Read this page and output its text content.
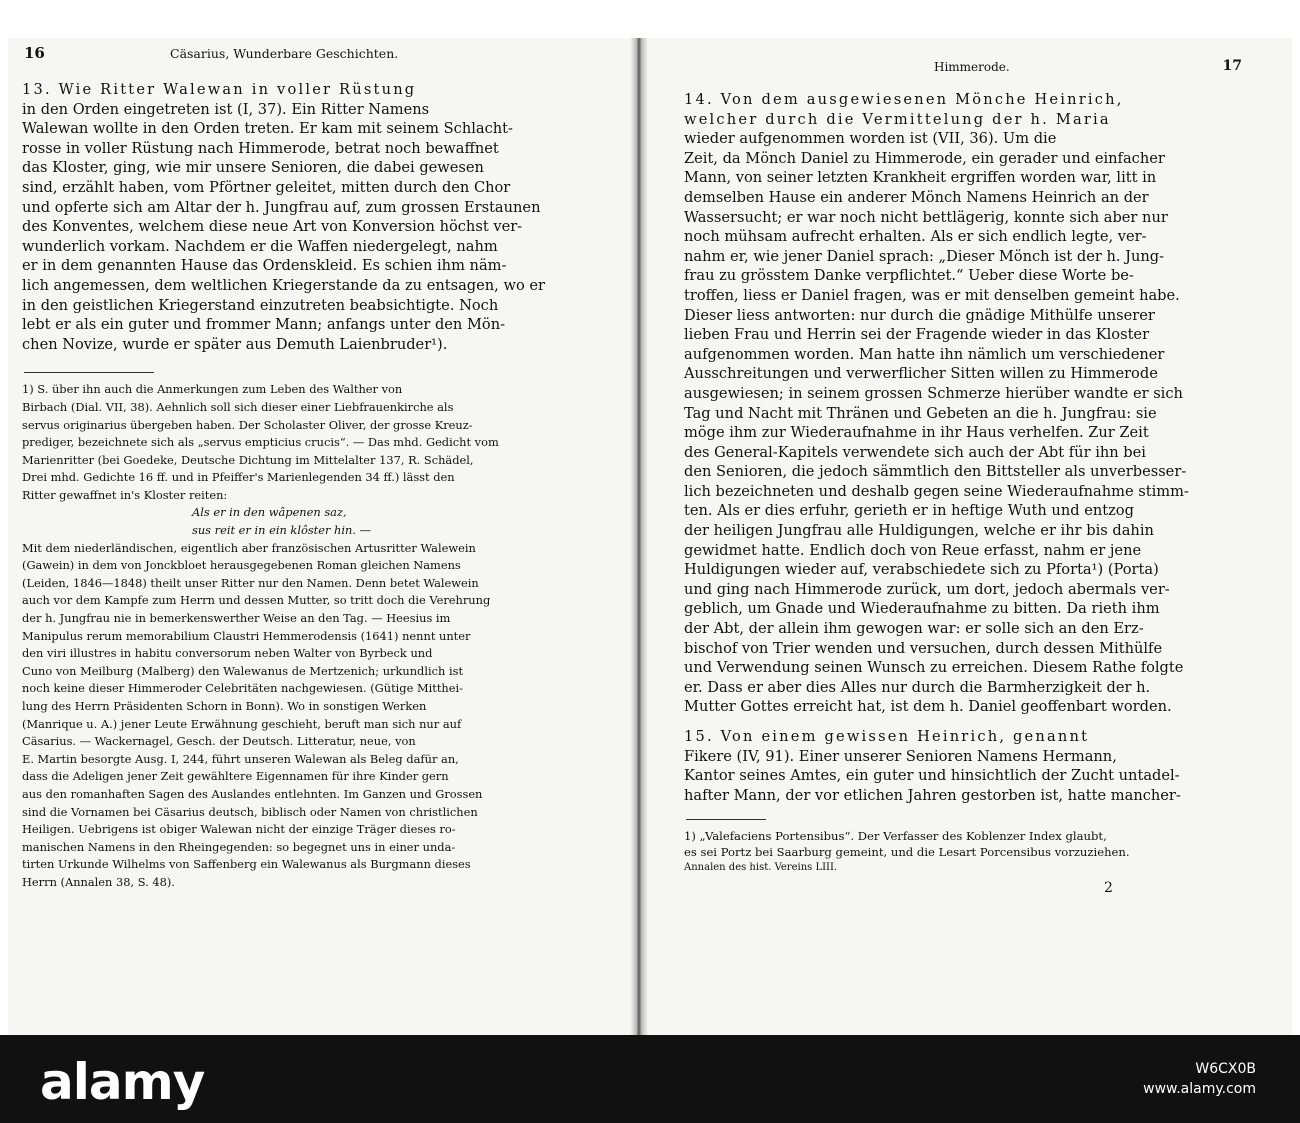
16	Cäsarius, Wunderbare Geschichten.
13. Wie Ritter Walewan in voller Rüstung
in den Orden eingetreten ist (I, 37). Ein Ritter Namens
Walewan wollte in den Orden treten. Er kam mit seinem Schlacht-
rosse in voller Rüstung nach Himmerode, betrat noch bewaffnet
das Kloster, ging, wie mir unsere Senioren, die dabei gewesen
sind, erzählt haben, vom Pförtner geleitet, mitten durch den Chor
und opferte sich am Altar der h. Jungfrau auf, zum grossen Erstaunen
des Konventes, welchem diese neue Art von Konversion höchst ver-
wunderlich vorkam. Nachdem er die Waffen niedergelegt, nahm
er in dem genannten Hause das Ordenskleid. Es schien ihm näm-
lich angemessen, dem weltlichen Kriegerstande da zu entsagen, wo er
in den geistlichen Kriegerstand einzutreten beabsichtigte. Noch
lebt er als ein guter und frommer Mann; anfangs unter den Mön-
chen Novize, wurde er später aus Demuth Laienbruder¹).
1) S. über ihn auch die Anmerkungen zum Leben des Walther von
Birbach (Dial. VII, 38). Aehnlich soll sich dieser einer Liebfrauenkirche als
servus originarius übergeben haben. Der Scholaster Oliver, der grosse Kreuz-
prediger, bezeichnete sich als „servus empticius crucis“. — Das mhd. Gedicht vom
Marienritter (bei Goedeke, Deutsche Dichtung im Mittelalter 137, R. Schädel,
Drei mhd. Gedichte 16 ff. und in Pfeiffer's Marienlegenden 34 ff.) lässt den
Ritter gewaffnet in's Kloster reiten:
Als er in den wâpenen saz,
sus reit er in ein klôster hin. —
Mit dem niederländischen, eigentlich aber französischen Artusritter Walewein
(Gawein) in dem von Jonckbloet herausgegebenen Roman gleichen Namens
(Leiden, 1846—1848) theilt unser Ritter nur den Namen. Denn betet Walewein
auch vor dem Kampfe zum Herrn und dessen Mutter, so tritt doch die Verehrung
der h. Jungfrau nie in bemerkenswerther Weise an den Tag. — Heesius im
Manipulus rerum memorabilium Claustri Hemmerodensis (1641) nennt unter
den viri illustres in habitu conversorum neben Walter von Byrbeck und
Cuno von Meilburg (Malberg) den Walewanus de Mertzenich; urkundlich ist
noch keine dieser Himmeroder Celebritäten nachgewiesen. (Gütige Mitthei-
lung des Herrn Präsidenten Schorn in Bonn). Wo in sonstigen Werken
(Manrique u. A.) jener Leute Erwähnung geschieht, beruft man sich nur auf
Cäsarius. — Wackernagel, Gesch. der Deutsch. Litteratur, neue, von
E. Martin besorgte Ausg. I, 244, führt unseren Walewan als Beleg dafür an,
dass die Adeligen jener Zeit gewähltere Eigennamen für ihre Kinder gern
aus den romanhaften Sagen des Auslandes entlehnten. Im Ganzen und Grossen
sind die Vornamen bei Cäsarius deutsch, biblisch oder Namen von christlichen
Heiligen. Uebrigens ist obiger Walewan nicht der einzige Träger dieses ro-
manischen Namens in den Rheingegenden: so begegnet uns in einer unda-
tirten Urkunde Wilhelms von Saffenberg ein Walewanus als Burgmann dieses
Herrn (Annalen 38, S. 48).
Himmerode.	17
14. Von dem ausgewiesenen Mönche Heinrich,
welcher durch die Vermittelung der h. Maria
wieder aufgenommen worden ist (VII, 36). Um die
Zeit, da Mönch Daniel zu Himmerode, ein gerader und einfacher
Mann, von seiner letzten Krankheit ergriffen worden war, litt in
demselben Hause ein anderer Mönch Namens Heinrich an der
Wassersucht; er war noch nicht bettlägerig, konnte sich aber nur
noch mühsam aufrecht erhalten. Als er sich endlich legte, ver-
nahm er, wie jener Daniel sprach: „Dieser Mönch ist der h. Jung-
frau zu grösstem Danke verpflichtet.“ Ueber diese Worte be-
troffen, liess er Daniel fragen, was er mit denselben gemeint habe.
Dieser liess antworten: nur durch die gnädige Mithülfe unserer
lieben Frau und Herrin sei der Fragende wieder in das Kloster
aufgenommen worden. Man hatte ihn nämlich um verschiedener
Ausschreitungen und verwerflicher Sitten willen zu Himmerode
ausgewiesen; in seinem grossen Schmerze hierüber wandte er sich
Tag und Nacht mit Thränen und Gebeten an die h. Jungfrau: sie
möge ihm zur Wiederaufnahme in ihr Haus verhelfen. Zur Zeit
des General-Kapitels verwendete sich auch der Abt für ihn bei
den Senioren, die jedoch sämmtlich den Bittsteller als unverbesser-
lich bezeichneten und deshalb gegen seine Wiederaufnahme stimm-
ten. Als er dies erfuhr, gerieth er in heftige Wuth und entzog
der heiligen Jungfrau alle Huldigungen, welche er ihr bis dahin
gewidmet hatte. Endlich doch von Reue erfasst, nahm er jene
Huldigungen wieder auf, verabschiedete sich zu Pforta¹) (Porta)
und ging nach Himmerode zurück, um dort, jedoch abermals ver-
geblich, um Gnade und Wiederaufnahme zu bitten. Da rieth ihm
der Abt, der allein ihm gewogen war: er solle sich an den Erz-
bischof von Trier wenden und versuchen, durch dessen Mithülfe
und Verwendung seinen Wunsch zu erreichen. Diesem Rathe folgte
er. Dass er aber dies Alles nur durch die Barmherzigkeit der h.
Mutter Gottes erreicht hat, ist dem h. Daniel geoffenbart worden.
15. Von einem gewissen Heinrich, genannt
Fikere (IV, 91). Einer unserer Senioren Namens Hermann,
Kantor seines Amtes, ein guter und hinsichtlich der Zucht untadel-
hafter Mann, der vor etlichen Jahren gestorben ist, hatte mancher-
1) „Valefaciens Portensibus“. Der Verfasser des Koblenzer Index glaubt,
es sei Portz bei Saarburg gemeint, und die Lesart Porcensibus vorzuziehen.
Annalen des hist. Vereins LIII.
2
alamy	W6CX0B
www.alamy.com
